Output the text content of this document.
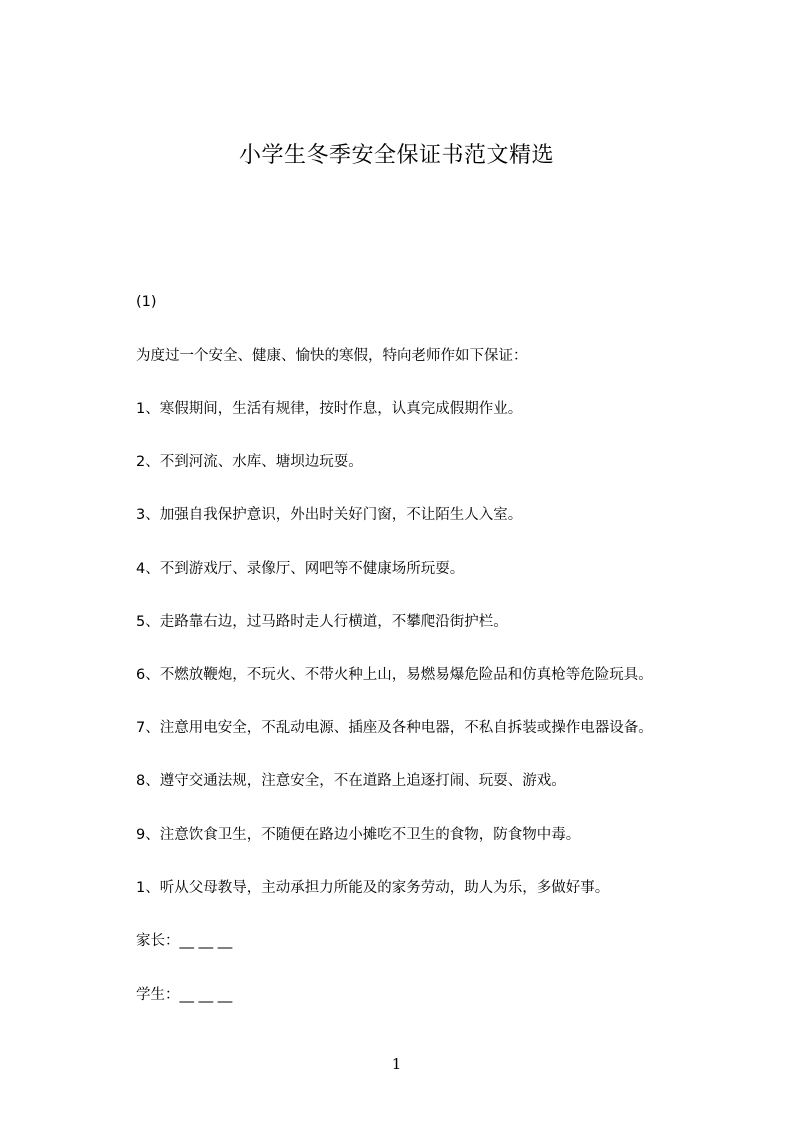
小学生冬季安全保证书范文精选
(1)
为度过一个安全、健康、愉快的寒假，特向老师作如下保证：
1、寒假期间，生活有规律，按时作息，认真完成假期作业。
2、不到河流、水库、塘坝边玩耍。
3、加强自我保护意识，外出时关好门窗，不让陌生人入室。
4、不到游戏厅、录像厅、网吧等不健康场所玩耍。
5、走路靠右边，过马路时走人行横道，不攀爬沿街护栏。
6、不燃放鞭炮，不玩火、不带火种上山，易燃易爆危险品和仿真枪等危险玩具。
7、注意用电安全，不乱动电源、插座及各种电器，不私自拆装或操作电器设备。
8、遵守交通法规，注意安全，不在道路上追逐打闹、玩耍、游戏。
9、注意饮食卫生，不随便在路边小摊吃不卫生的食物，防食物中毒。
1、听从父母教导，主动承担力所能及的家务劳动，助人为乐，多做好事。
家长：__ __ __
学生：__ __ __
1
